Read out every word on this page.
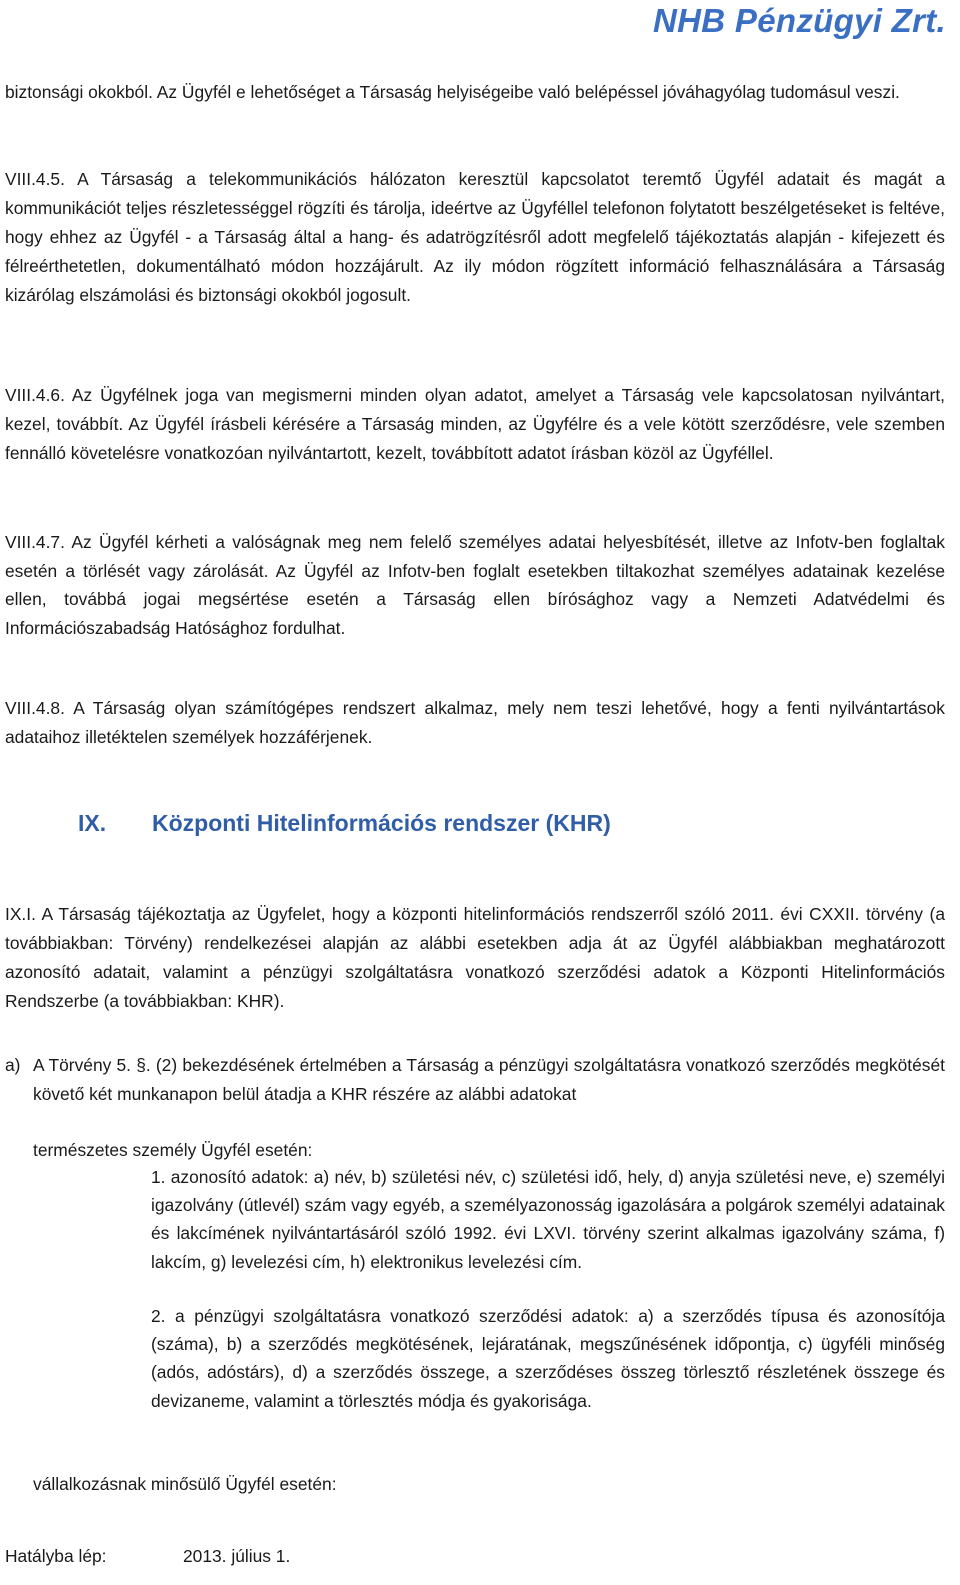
NHB Pénzügyi Zrt.
biztonsági okokból. Az Ügyfél e lehetőséget a Társaság helyiségeibe való belépéssel jóváhagyólag tudomásul veszi.
VIII.4.5. A Társaság a telekommunikációs hálózaton keresztül kapcsolatot teremtő Ügyfél adatait és magát a kommunikációt teljes részletességgel rögzíti és tárolja, ideértve az Ügyféllel telefonon folytatott beszélgetéseket is feltéve, hogy ehhez az Ügyfél - a Társaság által a hang- és adatrögzítésről adott megfelelő tájékoztatás alapján - kifejezett és félreérthetetlen, dokumentálható módon hozzájárult. Az ily módon rögzített információ felhasználására a Társaság kizárólag elszámolási és biztonsági okokból jogosult.
VIII.4.6. Az Ügyfélnek joga van megismerni minden olyan adatot, amelyet a Társaság vele kapcsolatosan nyilvántart, kezel, továbbít. Az Ügyfél írásbeli kérésére a Társaság minden, az Ügyfélre és a vele kötött szerződésre, vele szemben fennálló követelésre vonatkozóan nyilvántartott, kezelt, továbbított adatot írásban közöl az Ügyféllel.
VIII.4.7. Az Ügyfél kérheti a valóságnak meg nem felelő személyes adatai helyesbítését, illetve az Infotv-ben foglaltak esetén a törlését vagy zárolását. Az Ügyfél az Infotv-ben foglalt esetekben tiltakozhat személyes adatainak kezelése ellen, továbbá jogai megsértése esetén a Társaság ellen bírósághoz vagy a Nemzeti Adatvédelmi és Információszabadság Hatósághoz fordulhat.
VIII.4.8. A Társaság olyan számítógépes rendszert alkalmaz, mely nem teszi lehetővé, hogy a fenti nyilvántartások adataihoz illetéktelen személyek hozzáférjenek.
IX. Központi Hitelinformációs rendszer (KHR)
IX.I. A Társaság tájékoztatja az Ügyfelet, hogy a központi hitelinformációs rendszerről szóló 2011. évi CXXII. törvény (a továbbiakban: Törvény) rendelkezései alapján az alábbi esetekben adja át az Ügyfél alábbiakban meghatározott azonosító adatait, valamint a pénzügyi szolgáltatásra vonatkozó szerződési adatok a Központi Hitelinformációs Rendszerbe (a továbbiakban: KHR).
a) A Törvény 5. §. (2) bekezdésének értelmében a Társaság a pénzügyi szolgáltatásra vonatkozó szerződés megkötését követő két munkanapon belül átadja a KHR részére az alábbi adatokat
természetes személy Ügyfél esetén:
1. azonosító adatok: a) név, b) születési név, c) születési idő, hely, d) anyja születési neve, e) személyi igazolvány (útlevél) szám vagy egyéb, a személyazonosság igazolására a polgárok személyi adatainak és lakcímének nyilvántartásáról szóló 1992. évi LXVI. törvény szerint alkalmas igazolvány száma, f) lakcím, g) levelezési cím, h) elektronikus levelezési cím.
2. a pénzügyi szolgáltatásra vonatkozó szerződési adatok: a) a szerződés típusa és azonosítója (száma), b) a szerződés megkötésének, lejáratának, megszűnésének időpontja, c) ügyféli minőség (adós, adóstárs), d) a szerződés összege, a szerződéses összeg törlesztő részletének összege és devizaneme, valamint a törlesztés módja és gyakorisága.
vállalkozásnak minősülő Ügyfél esetén:
Hatályba lép:	2013. július 1.
